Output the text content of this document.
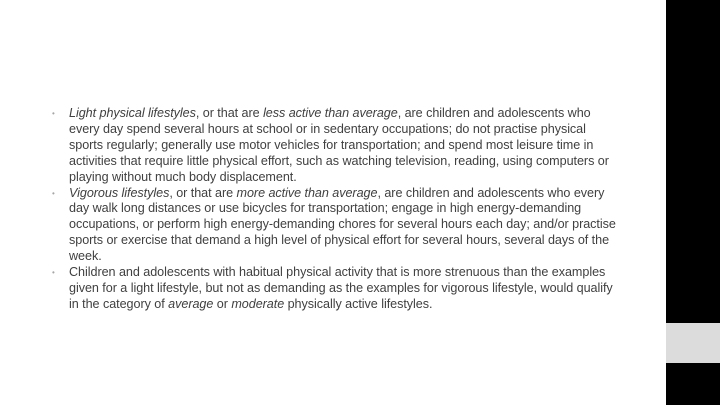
• Light physical lifestyles, or that are less active than average, are children and adolescents who every day spend several hours at school or in sedentary occupations; do not practise physical sports regularly; generally use motor vehicles for transportation; and spend most leisure time in activities that require little physical effort, such as watching television, reading, using computers or playing without much body displacement.
• Vigorous lifestyles, or that are more active than average, are children and adolescents who every day walk long distances or use bicycles for transportation; engage in high energy-demanding occupations, or perform high energy-demanding chores for several hours each day; and/or practise sports or exercise that demand a high level of physical effort for several hours, several days of the week.
• Children and adolescents with habitual physical activity that is more strenuous than the examples given for a light lifestyle, but not as demanding as the examples for vigorous lifestyle, would qualify in the category of average or moderate physically active lifestyles.
